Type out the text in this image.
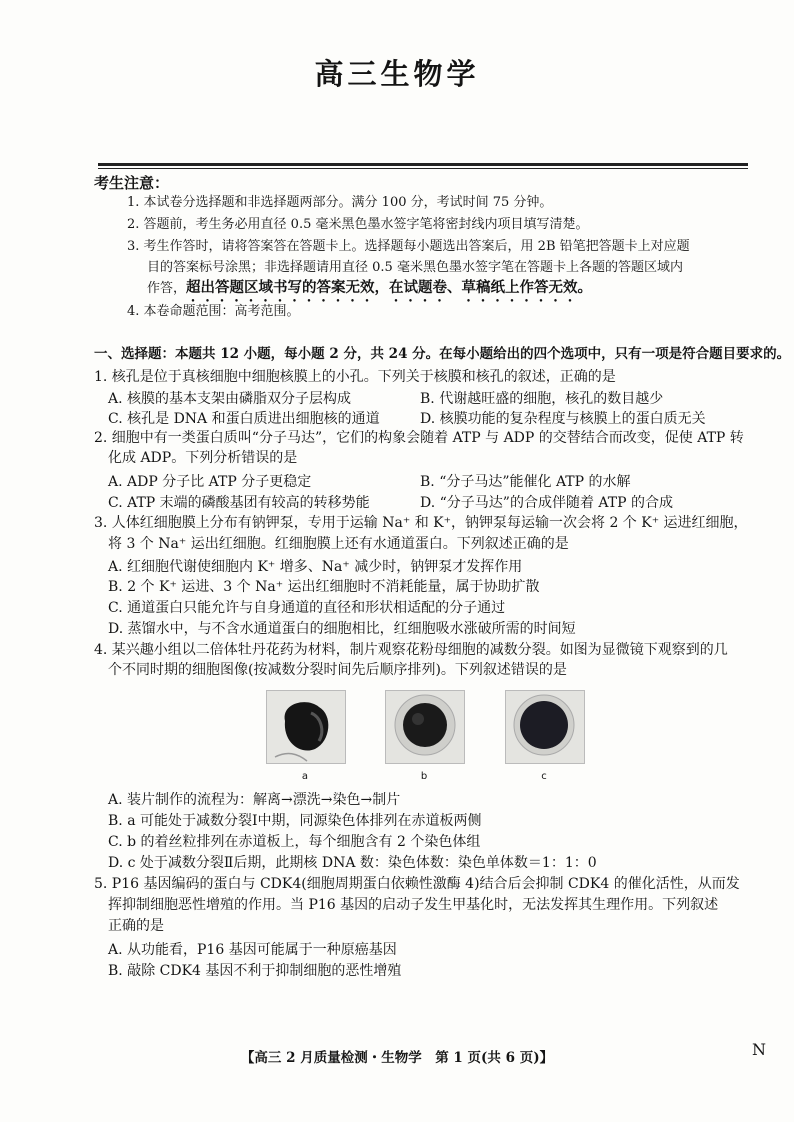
高三生物学
考生注意：
1. 本试卷分选择题和非选择题两部分。满分 100 分，考试时间 75 分钟。
2. 答题前，考生务必用直径 0.5 毫米黑色墨水签字笔将密封线内项目填写清楚。
3. 考生作答时，请将答案答在答题卡上。选择题每小题选出答案后，用 2B 铅笔把答题卡上对应题
目的答案标号涂黑；非选择题请用直径 0.5 毫米黑色墨水签字笔在答题卡上各题的答题区域内
作答，超出答题区域书写的答案无效，在试题卷、草稿纸上作答无效。
4. 本卷命题范围：高考范围。
一、选择题：本题共 12 小题，每小题 2 分，共 24 分。在每小题给出的四个选项中，只有一项是符合题目要求的。
1. 核孔是位于真核细胞中细胞核膜上的小孔。下列关于核膜和核孔的叙述，正确的是
A. 核膜的基本支架由磷脂双分子层构成	B. 代谢越旺盛的细胞，核孔的数目越少
C. 核孔是 DNA 和蛋白质进出细胞核的通道	D. 核膜功能的复杂程度与核膜上的蛋白质无关
2. 细胞中有一类蛋白质叫“分子马达”，它们的构象会随着 ATP 与 ADP 的交替结合而改变，促使 ATP 转
化成 ADP。下列分析错误的是
A. ADP 分子比 ATP 分子更稳定	B. “分子马达”能催化 ATP 的水解
C. ATP 末端的磷酸基团有较高的转移势能	D. “分子马达”的合成伴随着 ATP 的合成
3. 人体红细胞膜上分布有钠钾泵，专用于运输 Na⁺ 和 K⁺，钠钾泵每运输一次会将 2 个 K⁺ 运进红细胞，
将 3 个 Na⁺ 运出红细胞。红细胞膜上还有水通道蛋白。下列叙述正确的是
A. 红细胞代谢使细胞内 K⁺ 增多、Na⁺ 减少时，钠钾泵才发挥作用
B. 2 个 K⁺ 运进、3 个 Na⁺ 运出红细胞时不消耗能量，属于协助扩散
C. 通道蛋白只能允许与自身通道的直径和形状相适配的分子通过
D. 蒸馏水中，与不含水通道蛋白的细胞相比，红细胞吸水涨破所需的时间短
4. 某兴趣小组以二倍体牡丹花药为材料，制片观察花粉母细胞的减数分裂。如图为显微镜下观察到的几
个不同时期的细胞图像(按减数分裂时间先后顺序排列)。下列叙述错误的是
a	b	c
A. 装片制作的流程为：解离→漂洗→染色→制片
B. a 可能处于减数分裂Ⅰ中期，同源染色体排列在赤道板两侧
C. b 的着丝粒排列在赤道板上，每个细胞含有 2 个染色体组
D. c 处于减数分裂Ⅱ后期，此期核 DNA 数：染色体数：染色单体数＝1：1：0
5. P16 基因编码的蛋白与 CDK4(细胞周期蛋白依赖性激酶 4)结合后会抑制 CDK4 的催化活性，从而发
挥抑制细胞恶性增殖的作用。当 P16 基因的启动子发生甲基化时，无法发挥其生理作用。下列叙述
正确的是
A. 从功能看，P16 基因可能属于一种原癌基因
B. 敲除 CDK4 基因不利于抑制细胞的恶性增殖
【高三 2 月质量检测・生物学　第 1 页(共 6 页)】	N
